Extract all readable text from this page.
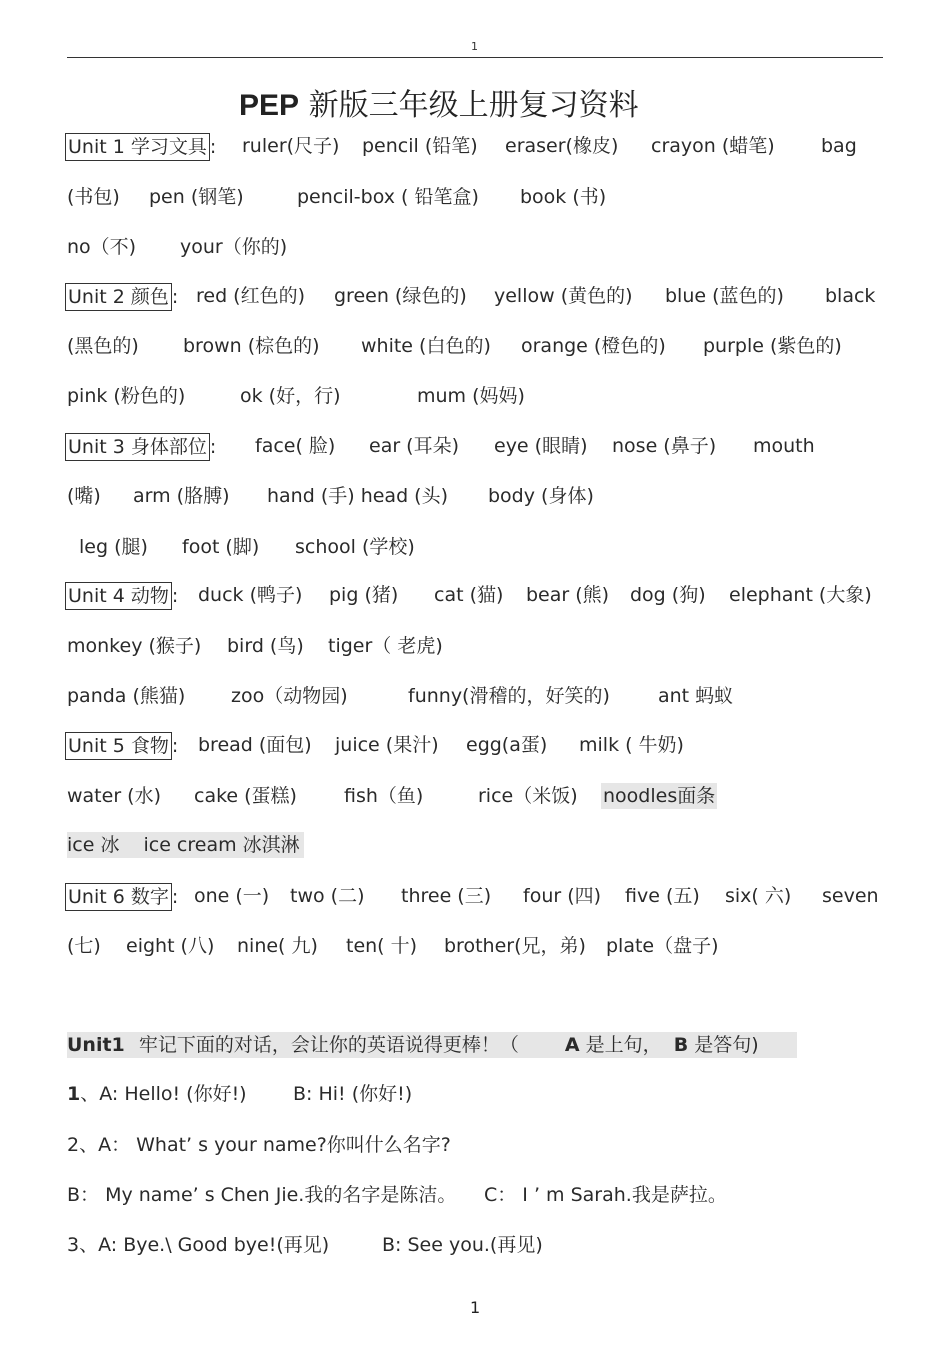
1
PEP 新版三年级上册复习资料
Unit 1 学习文具 : ruler(尺子) pencil (铅笔) eraser(橡皮) crayon (蜡笔) bag
(书包) pen (钢笔)	pencil-box ( 铅笔盒) book (书)
no（不) your（你的)
Unit 2 颜色 : red (红色的) green (绿色的) yellow (黄色的) blue (蓝色的) black
(黑色的) brown (棕色的) white (白色的) orange (橙色的) purple (紫色的)
pink (粉色的)	ok (好，行)	mum (妈妈)
Unit 3 身体部位 : face( 脸) ear (耳朵) eye (眼睛) nose (鼻子) mouth
(嘴) arm (胳膊) hand (手) head (头) body (身体)
leg (腿) foot (脚) school (学校)
Unit 4 动物 : duck (鸭子) pig (猪) cat (猫) bear (熊) dog (狗) elephant (大象)
monkey (猴子) bird (鸟) tiger（ 老虎)
panda (熊猫) zoo（动物园)	funny(滑稽的，好笑的)	ant 蚂蚁
Unit 5 食物 : bread (面包) juice (果汁) egg(a蛋) milk ( 牛奶)
water (水) cake (蛋糕) fish（鱼)	rice（米饭) noodles面条
ice 冰 ice cream 冰淇淋
Unit 6 数字 : one (一) two (二) three (三) four (四) five (五) six( 六) seven
(七) eight (八) nine( 九) ten( 十) brother(兄，弟) plate（盘子)
Unit1 牢记下面的对话，会让你的英语说得更棒！（ A 是上句， B 是答句)
1、A: Hello! (你好!) B: Hi! (你好!)
2、A： What’ s your name?你叫什么名字?
B： My name’ s Chen Jie.我的名字是陈洁。 C： I ’ m Sarah.我是萨拉。
3、A: Bye.\ Good bye!(再见)	B: See you.(再见)
1
